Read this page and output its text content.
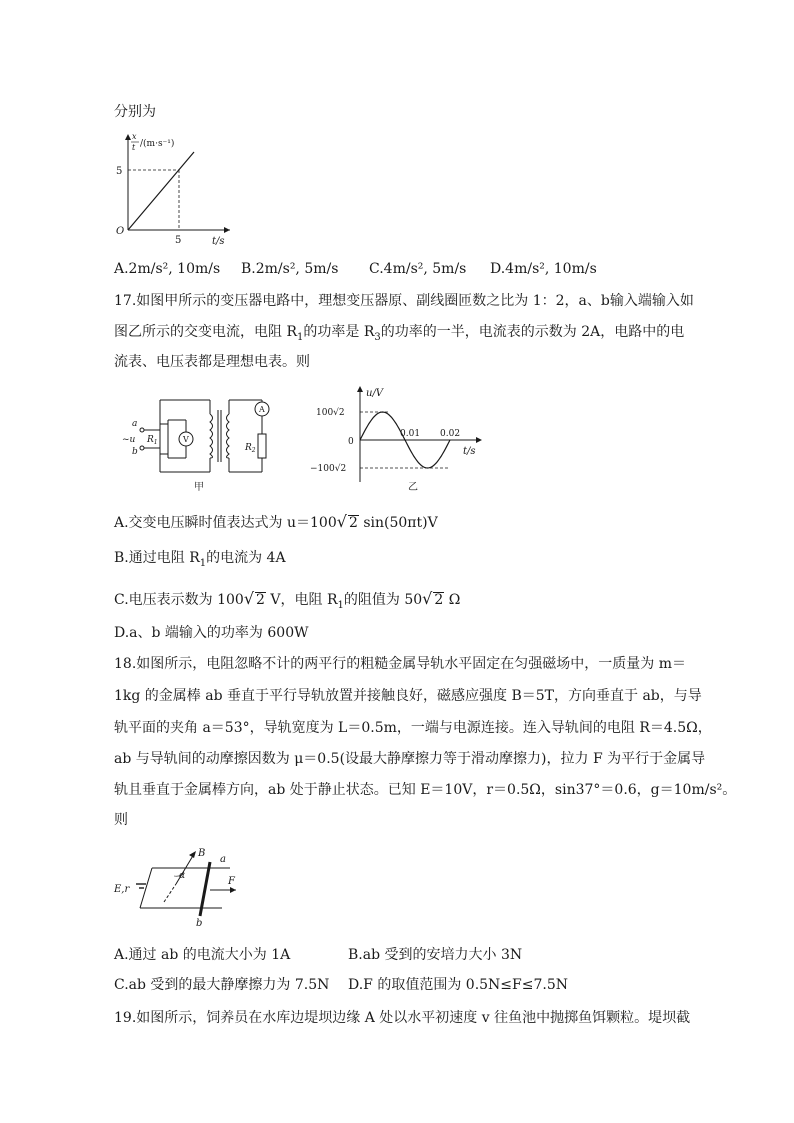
分别为
x
t /(m·s⁻¹)
5
O
5	t/s
A.2m/s², 10m/s B.2m/s², 5m/s C.4m/s², 5m/s D.4m/s², 10m/s
17.如图甲所示的变压器电路中，理想变压器原、副线圈匝数之比为 1：2，a、b输入端输入如
图乙所示的交变电流，电阻 $R_1$的功率是 $R_3$的功率的一半，电流表的示数为 2A，电路中的电
流表、电压表都是理想电表。则
a
~u
b
$R_1$	V
A
$R_2$
甲
u/V
100√2
0
−100√2
0.01 0.02
t/s
乙
A.交变电压瞬时值表达式为 u＝100√ 2 sin(50πt)V
B.通过电阻 $R_1$的电流为 4A
C.电压表示数为 100√ 2 V，电阻 $R_1$的阻值为 50√ 2 Ω
D.a、b 端输入的功率为 600W
18.如图所示，电阻忽略不计的两平行的粗糙金属导轨水平固定在匀强磁场中，一质量为 m＝
1kg 的金属棒 ab 垂直于平行导轨放置并接触良好，磁感应强度 B＝5T，方向垂直于 ab，与导
轨平面的夹角 a＝53°，导轨宽度为 L＝0.5m，一端与电源连接。连入导轨间的电阻 R＝4.5Ω，
ab 与导轨间的动摩擦因数为 μ＝0.5(设最大静摩擦力等于滑动摩擦力)，拉力 F 为平行于金属导
轨且垂直于金属棒方向，ab 处于静止状态。已知 E＝10V，r＝0.5Ω，sin37°＝0.6，g＝10m/s²。
则
B
a
b
α	F
E,r
A.通过 ab 的电流大小为 1A	B.ab 受到的安培力大小 3N
C.ab 受到的最大静摩擦力为 7.5N D.F 的取值范围为 0.5N≤F≤7.5N
19.如图所示，饲养员在水库边堤坝边缘 A 处以水平初速度 v 往鱼池中抛掷鱼饵颗粒。堤坝截
